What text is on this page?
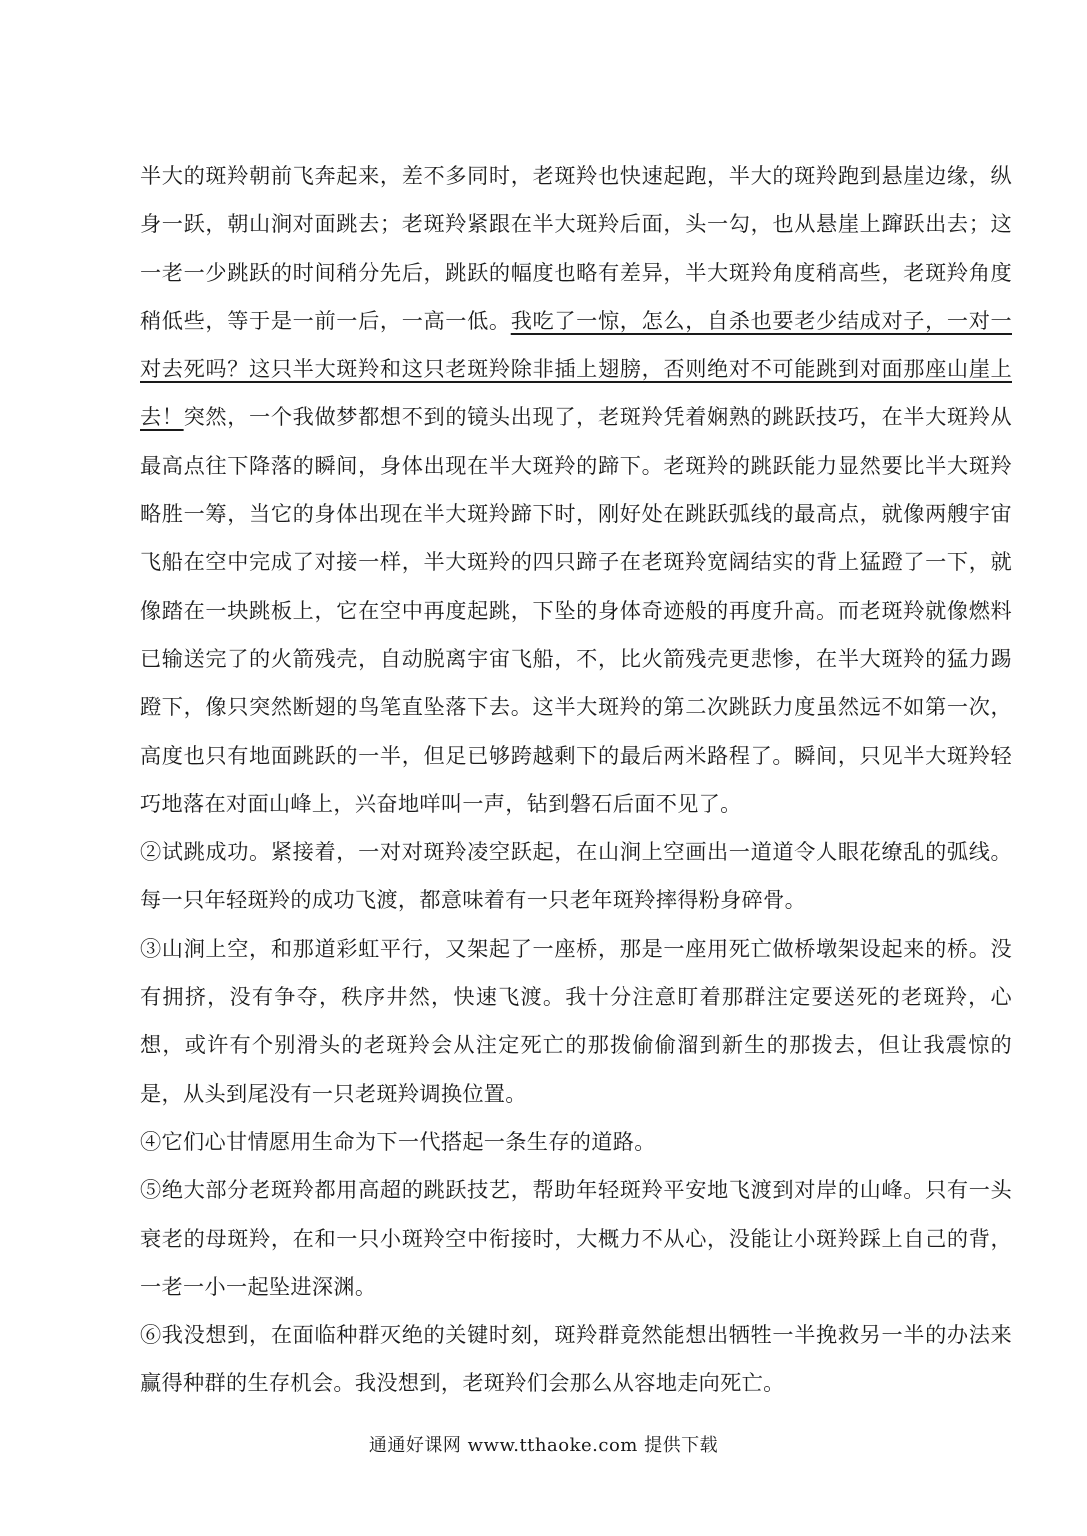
半大的斑羚朝前飞奔起来，差不多同时，老斑羚也快速起跑，半大的斑羚跑到悬崖边缘，纵身一跃，朝山涧对面跳去；老斑羚紧跟在半大斑羚后面，头一勾，也从悬崖上蹿跃出去；这一老一少跳跃的时间稍分先后，跳跃的幅度也略有差异，半大斑羚角度稍高些，老斑羚角度稍低些，等于是一前一后，一高一低。我吃了一惊，怎么，自杀也要老少结成对子，一对一对去死吗？这只半大斑羚和这只老斑羚除非插上翅膀，否则绝对不可能跳到对面那座山崖上去！突然，一个我做梦都想不到的镜头出现了，老斑羚凭着娴熟的跳跃技巧，在半大斑羚从最高点往下降落的瞬间，身体出现在半大斑羚的蹄下。老斑羚的跳跃能力显然要比半大斑羚略胜一筹，当它的身体出现在半大斑羚蹄下时，刚好处在跳跃弧线的最高点，就像两艘宇宙飞船在空中完成了对接一样，半大斑羚的四只蹄子在老斑羚宽阔结实的背上猛蹬了一下，就像踏在一块跳板上，它在空中再度起跳，下坠的身体奇迹般的再度升高。而老斑羚就像燃料已输送完了的火箭残壳，自动脱离宇宙飞船，不，比火箭残壳更悲惨，在半大斑羚的猛力踢蹬下，像只突然断翅的鸟笔直坠落下去。这半大斑羚的第二次跳跃力度虽然远不如第一次，高度也只有地面跳跃的一半，但足已够跨越剩下的最后两米路程了。瞬间，只见半大斑羚轻巧地落在对面山峰上，兴奋地咩叫一声，钻到磐石后面不见了。

②试跳成功。紧接着，一对对斑羚凌空跃起，在山涧上空画出一道道令人眼花缭乱的弧线。每一只年轻斑羚的成功飞渡，都意味着有一只老年斑羚摔得粉身碎骨。

③山涧上空，和那道彩虹平行，又架起了一座桥，那是一座用死亡做桥墩架设起来的桥。没有拥挤，没有争夺，秩序井然，快速飞渡。我十分注意盯着那群注定要送死的老斑羚，心想，或许有个别滑头的老斑羚会从注定死亡的那拨偷偷溜到新生的那拨去，但让我震惊的是，从头到尾没有一只老斑羚调换位置。

④它们心甘情愿用生命为下一代搭起一条生存的道路。

⑤绝大部分老斑羚都用高超的跳跃技艺，帮助年轻斑羚平安地飞渡到对岸的山峰。只有一头衰老的母斑羚，在和一只小斑羚空中衔接时，大概力不从心，没能让小斑羚踩上自己的背，一老一小一起坠进深渊。

⑥我没想到，在面临种群灭绝的关键时刻，斑羚群竟然能想出牺牲一半挽救另一半的办法来赢得种群的生存机会。我没想到，老斑羚们会那么从容地走向死亡。

通通好课网 www.tthaoke.com 提供下载
